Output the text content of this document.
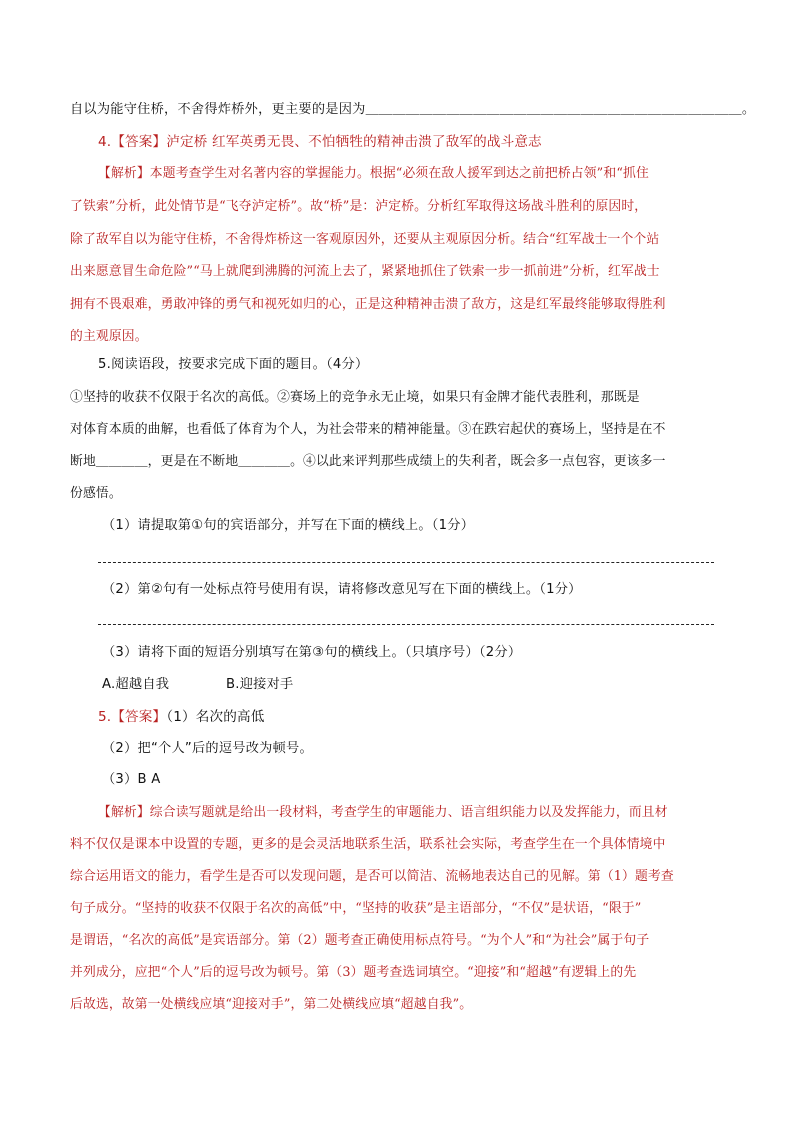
自以为能守住桥，不舍得炸桥外，更主要的是因为＿＿＿＿＿＿＿＿＿＿＿＿＿＿＿＿＿＿＿＿＿＿＿＿＿＿＿＿。
4.【答案】泸定桥 红军英勇无畏、不怕牺牲的精神击溃了敌军的战斗意志
【解析】本题考查学生对名著内容的掌握能力。根据“必须在敌人援军到达之前把桥占领”和“抓住
了铁索”分析，此处情节是“飞夺泸定桥”。故“桥”是：泸定桥。分析红军取得这场战斗胜利的原因时，
除了敌军自以为能守住桥，不舍得炸桥这一客观原因外，还要从主观原因分析。结合“红军战士一个个站
出来愿意冒生命危险”“马上就爬到沸腾的河流上去了，紧紧地抓住了铁索一步一抓前进”分析，红军战士
拥有不畏艰难，勇敢冲锋的勇气和视死如归的心，正是这种精神击溃了敌方，这是红军最终能够取得胜利
的主观原因。
5.阅读语段，按要求完成下面的题目。（4分）
①坚持的收获不仅限于名次的高低。②赛场上的竞争永无止境，如果只有金牌才能代表胜利，那既是
对体育本质的曲解，也看低了体育为个人，为社会带来的精神能量。③在跌宕起伏的赛场上，坚持是在不
断地＿＿＿＿，更是在不断地＿＿＿＿。④以此来评判那些成绩上的失利者，既会多一点包容，更该多一
份感悟。
（1）请提取第①句的宾语部分，并写在下面的横线上。（1分）
（2）第②句有一处标点符号使用有误，请将修改意见写在下面的横线上。（1分）
（3）请将下面的短语分别填写在第③句的横线上。（只填序号）（2分）
A.超越自我	B.迎接对手
5.【答案】（1）名次的高低
（2）把“个人”后的逗号改为顿号。
（3）B A
【解析】综合读写题就是给出一段材料，考查学生的审题能力、语言组织能力以及发挥能力，而且材
料不仅仅是课本中设置的专题，更多的是会灵活地联系生活，联系社会实际，考查学生在一个具体情境中
综合运用语文的能力，看学生是否可以发现问题，是否可以简洁、流畅地表达自己的见解。第（1）题考查
句子成分。“坚持的收获不仅限于名次的高低”中，“坚持的收获”是主语部分，“不仅”是状语，“限于”
是谓语，“名次的高低”是宾语部分。第（2）题考查正确使用标点符号。“为个人”和“为社会”属于句子
并列成分，应把“个人”后的逗号改为顿号。第（3）题考查选词填空。“迎接”和“超越”有逻辑上的先
后故选，故第一处横线应填“迎接对手”，第二处横线应填“超越自我”。
